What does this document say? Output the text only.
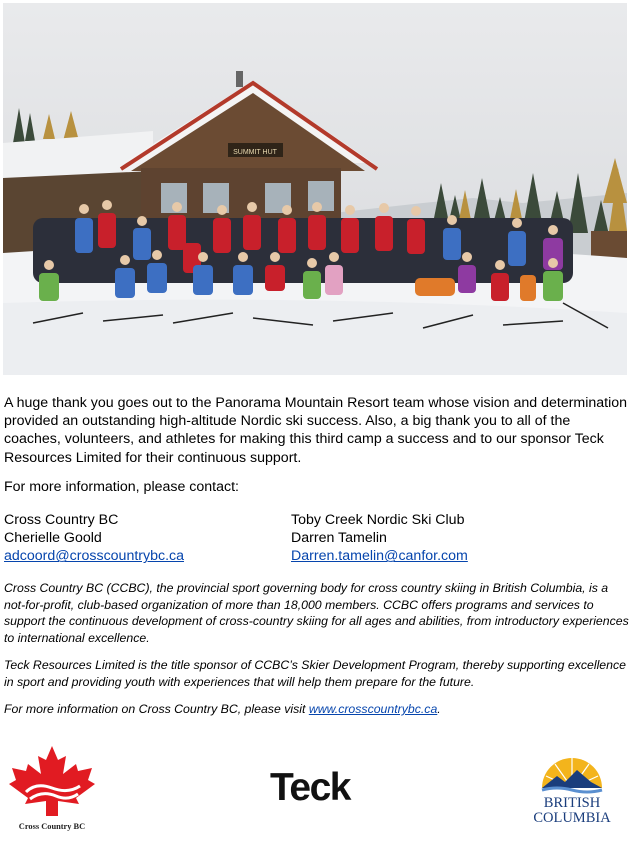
SUMMIT HUT

A huge thank you goes out to the Panorama Mountain Resort team whose vision and determination provided an outstanding high-altitude Nordic ski success. Also, a big thank you to all of the coaches, volunteers, and athletes for making this third camp a success and to our sponsor Teck Resources Limited for their continuous support.

For more information, please contact:

Cross Country BC
Cherielle Goold
adcoord@crosscountrybc.ca
Toby Creek Nordic Ski Club
Darren Tamelin
Darren.tamelin@canfor.com

Cross Country BC (CCBC), the provincial sport governing body for cross country skiing in British Columbia, is a not-for-profit, club-based organization of more than 18,000 members. CCBC offers programs and services to support the continuous development of cross-country skiing for all ages and abilities, from introductory experiences to international excellence.

Teck Resources Limited is the title sponsor of CCBC’s Skier Development Program, thereby supporting excellence in sport and providing youth with experiences that will help them prepare for the future.

For more information on Cross Country BC, please visit www.crosscountrybc.ca.

Cross Country BC
Teck	BRITISH
COLUMBIA
